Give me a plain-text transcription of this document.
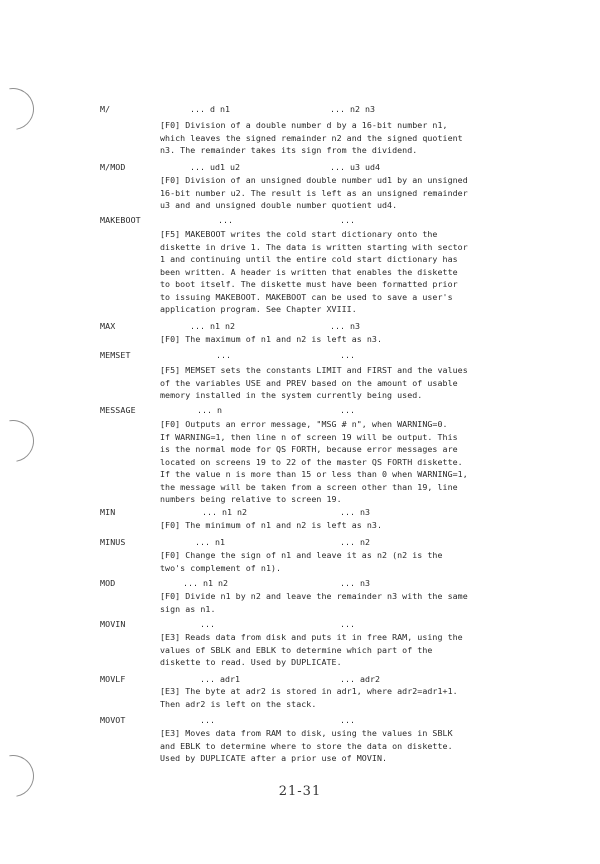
M/	... d n1	... n2 n3
[F0] Division of a double number d by a 16-bit number n1,
which leaves the signed remainder n2 and the signed quotient
n3. The remainder takes its sign from the dividend.
M/MOD	... ud1 u2	... u3 ud4
[F0] Division of an unsigned double number ud1 by an unsigned
16-bit number u2. The result is left as an unsigned remainder
u3 and and unsigned double number quotient ud4.
MAKEBOOT	...	...
[F5] MAKEBOOT writes the cold start dictionary onto the
diskette in drive 1. The data is written starting with sector
1 and continuing until the entire cold start dictionary has
been written. A header is written that enables the diskette
to boot itself. The diskette must have been formatted prior
to issuing MAKEBOOT. MAKEBOOT can be used to save a user's
application program. See Chapter XVIII.
MAX	... n1 n2	... n3
[F0] The maximum of n1 and n2 is left as n3.
MEMSET	...	...
[F5] MEMSET sets the constants LIMIT and FIRST and the values
of the variables USE and PREV based on the amount of usable
memory installed in the system currently being used.
MESSAGE	... n	...
[F0] Outputs an error message, "MSG # n", when WARNING=0.
If WARNING=1, then line n of screen 19 will be output. This
is the normal mode for QS FORTH, because error messages are
located on screens 19 to 22 of the master QS FORTH diskette.
If the value n is more than 15 or less than 0 when WARNING=1,
the message will be taken from a screen other than 19, line
numbers being relative to screen 19.
MIN	... n1 n2	... n3
[F0] The minimum of n1 and n2 is left as n3.
MINUS	... n1	... n2
[F0] Change the sign of n1 and leave it as n2 (n2 is the
two's complement of n1).
MOD	... n1 n2	... n3
[F0] Divide n1 by n2 and leave the remainder n3 with the same
sign as n1.
MOVIN	...	...
[E3] Reads data from disk and puts it in free RAM, using the
values of SBLK and EBLK to determine which part of the
diskette to read. Used by DUPLICATE.
MOVLF	... adr1	... adr2
[E3] The byte at adr2 is stored in adr1, where adr2=adr1+1.
Then adr2 is left on the stack.
MOVOT	...	...
[E3] Moves data from RAM to disk, using the values in SBLK
and EBLK to determine where to store the data on diskette.
Used by DUPLICATE after a prior use of MOVIN.
21-31
